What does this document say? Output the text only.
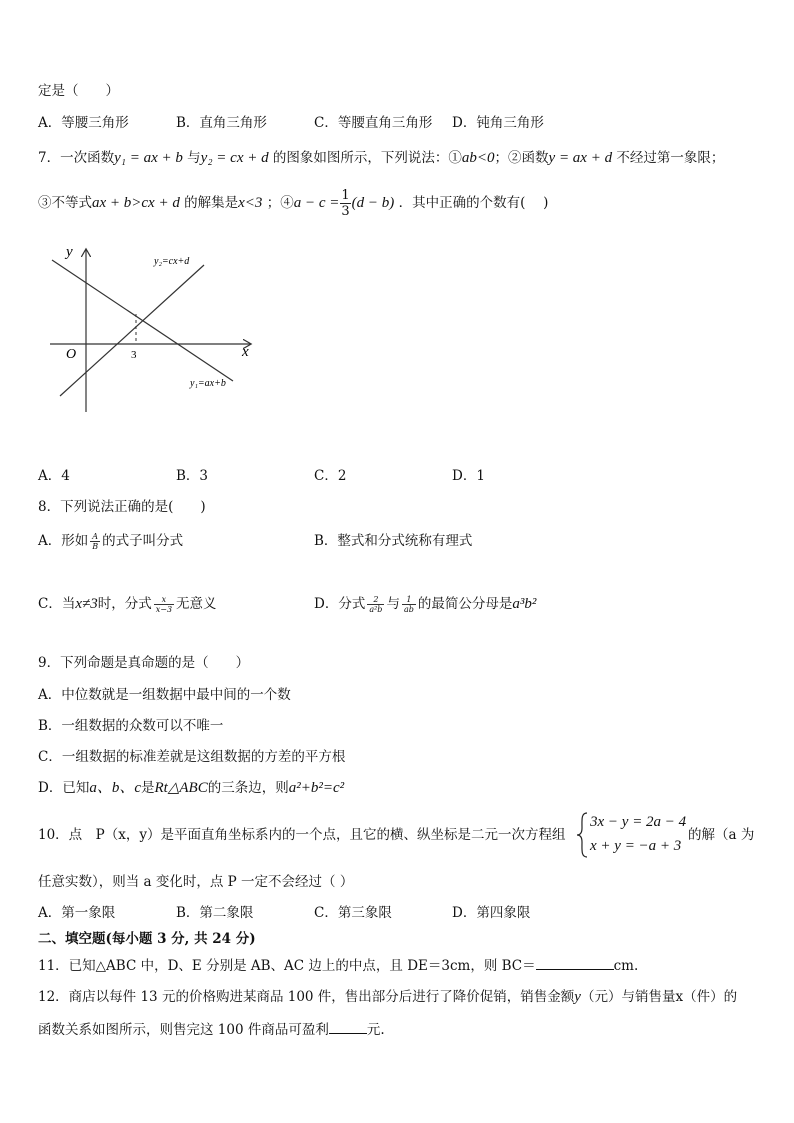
定是（　　）
A．等腰三角形	B．直角三角形	C．等腰直角三角形 D．钝角三角形
7．一次函数y₁ = ax + b 与y₂ = cx + d 的图象如图所示，下列说法：①ab<0；②函数y = ax + d 不经过第一象限；
③不等式ax + b>cx + d 的解集是x<3 ；④a − $c = \frac{1}{3} (d - b)$ ．其中正确的个数有(　 )
y
x
O	3
y₂=cx+d
y₁=ax+b
A．4	B．3	C．2	D．1
8．下列说法正确的是(　　)
A．形如 $\frac{A}{B}$ 的式子叫分式	B．整式和分式统称有理式
C．当x≠3时，分式 $\frac{x}{x-3}$ 无意义	D．分式 $\frac{2}{\text{a²b}}$ 与 $\frac{1}{ab}$ 的最简公分母是a³b²
9．下列命题是真命题的是（　　）
A．中位数就是一组数据中最中间的一个数
B．一组数据的众数可以不唯一
C．一组数据的标准差就是这组数据的方差的平方根
D．已知a、b、c是Rt△ABC的三条边，则a²+b²=c²
10．点　P（x，y）是平面直角坐标系内的一个点，且它的横、纵坐标是二元一次方程组
3x − y = 2a − 4
x + y = −a + 3
的解（a 为
任意实数），则当 a 变化时，点 P 一定不会经过（ ）
A．第一象限	B．第二象限	C．第三象限	D．第四象限
二、填空题(每小题 3 分, 共 24 分)
11．已知△ABC 中，D、E 分别是 AB、AC 边上的中点，且 DE＝3cm，则 BC＝	cm.
12．商店以每件 13 元的价格购进某商品 100 件，售出部分后进行了降价促销，销售金额y（元）与销售量x（件）的
函数关系如图所示，则售完这 100 件商品可盈利	元.
